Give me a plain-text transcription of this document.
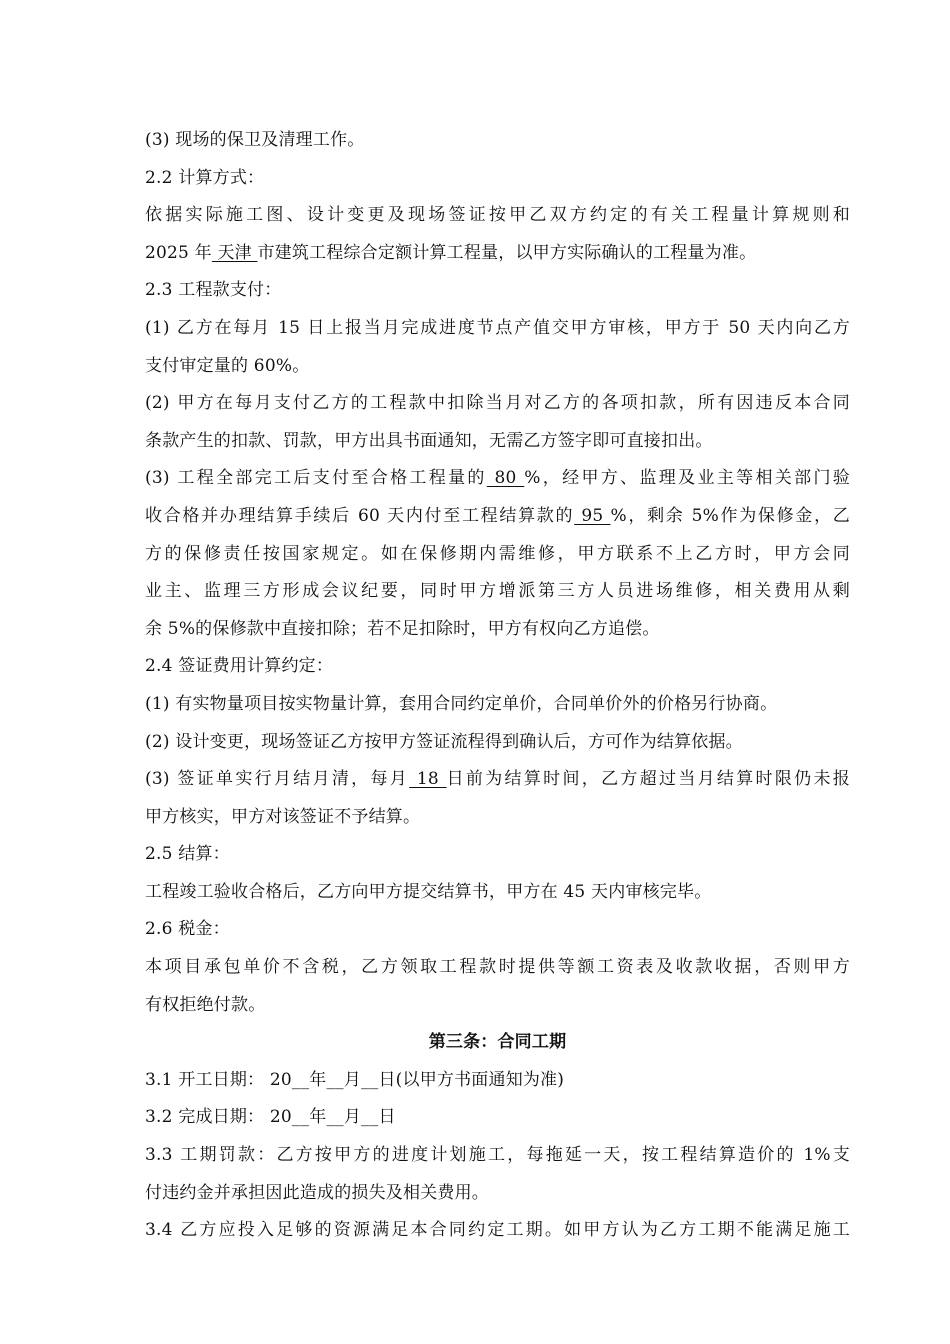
(3) 现场的保卫及清理工作。
2.2 计算方式：
依据实际施工图、设计变更及现场签证按甲乙双方约定的有关工程量计算规则和
2025 年 天津 市建筑工程综合定额计算工程量，以甲方实际确认的工程量为准。
2.3 工程款支付：
(1) 乙方在每月 15 日上报当月完成进度节点产值交甲方审核，甲方于 50 天内向乙方
支付审定量的 60%。
(2) 甲方在每月支付乙方的工程款中扣除当月对乙方的各项扣款，所有因违反本合同
条款产生的扣款、罚款，甲方出具书面通知，无需乙方签字即可直接扣出。
(3) 工程全部完工后支付至合格工程量的 80 %，经甲方、监理及业主等相关部门验
收合格并办理结算手续后 60 天内付至工程结算款的 95 %，剩余 5%作为保修金，乙
方的保修责任按国家规定。如在保修期内需维修，甲方联系不上乙方时，甲方会同
业主、监理三方形成会议纪要，同时甲方增派第三方人员进场维修，相关费用从剩
余 5%的保修款中直接扣除；若不足扣除时，甲方有权向乙方追偿。
2.4 签证费用计算约定：
(1) 有实物量项目按实物量计算，套用合同约定单价，合同单价外的价格另行协商。
(2) 设计变更，现场签证乙方按甲方签证流程得到确认后，方可作为结算依据。
(3) 签证单实行月结月清，每月 18 日前为结算时间，乙方超过当月结算时限仍未报
甲方核实，甲方对该签证不予结算。
2.5 结算：
工程竣工验收合格后，乙方向甲方提交结算书，甲方在 45 天内审核完毕。
2.6 税金：
本项目承包单价不含税，乙方领取工程款时提供等额工资表及收款收据，否则甲方
有权拒绝付款。
第三条：合同工期
3.1 开工日期： 20__年__月__日(以甲方书面通知为准)
3.2 完成日期： 20__年__月__日
3.3 工期罚款：乙方按甲方的进度计划施工，每拖延一天，按工程结算造价的 1%支
付违约金并承担因此造成的损失及相关费用。
3.4 乙方应投入足够的资源满足本合同约定工期。如甲方认为乙方工期不能满足施工
